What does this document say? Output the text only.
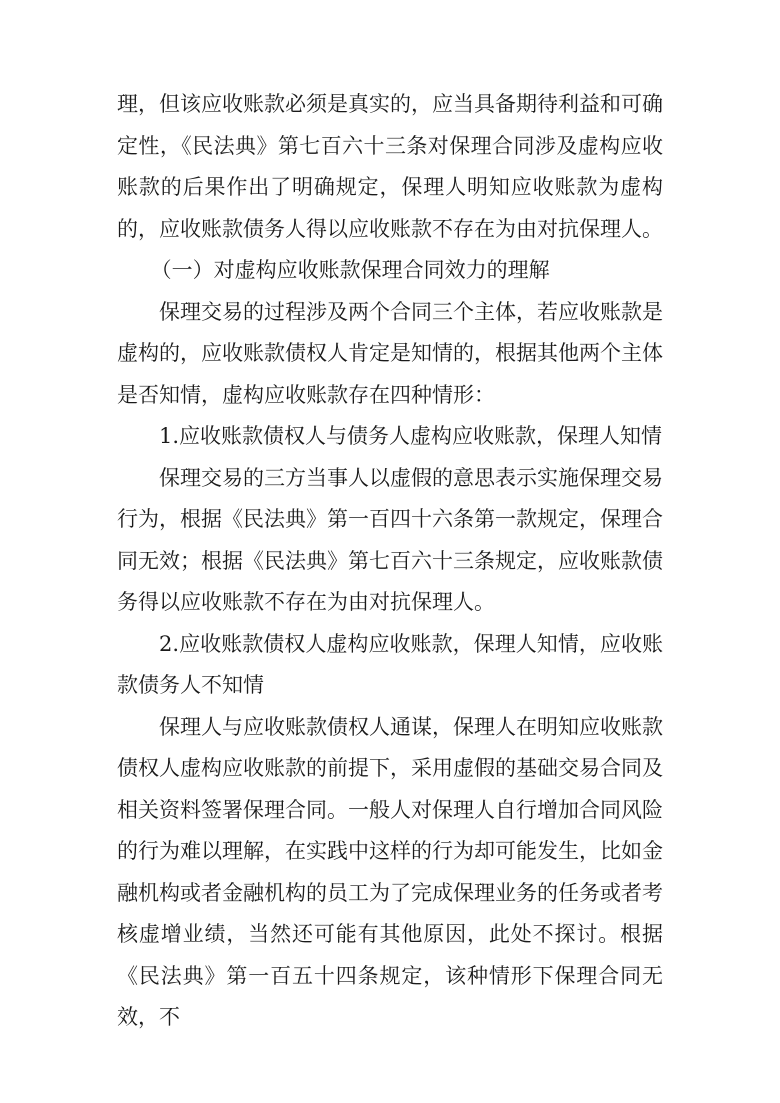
理，但该应收账款必须是真实的，应当具备期待利益和可确定性，《民法典》第七百六十三条对保理合同涉及虚构应收账款的后果作出了明确规定，保理人明知应收账款为虚构的，应收账款债务人得以应收账款不存在为由对抗保理人。

（一）对虚构应收账款保理合同效力的理解

保理交易的过程涉及两个合同三个主体，若应收账款是虚构的，应收账款债权人肯定是知情的，根据其他两个主体是否知情，虚构应收账款存在四种情形：

1.应收账款债权人与债务人虚构应收账款，保理人知情

保理交易的三方当事人以虚假的意思表示实施保理交易行为，根据《民法典》第一百四十六条第一款规定，保理合同无效；根据《民法典》第七百六十三条规定，应收账款债务得以应收账款不存在为由对抗保理人。

2.应收账款债权人虚构应收账款，保理人知情，应收账款债务人不知情

保理人与应收账款债权人通谋，保理人在明知应收账款债权人虚构应收账款的前提下，采用虚假的基础交易合同及相关资料签署保理合同。一般人对保理人自行增加合同风险的行为难以理解，在实践中这样的行为却可能发生，比如金融机构或者金融机构的员工为了完成保理业务的任务或者考核虚增业绩，当然还可能有其他原因，此处不探讨。根据《民法典》第一百五十四条规定，该种情形下保理合同无效，不
